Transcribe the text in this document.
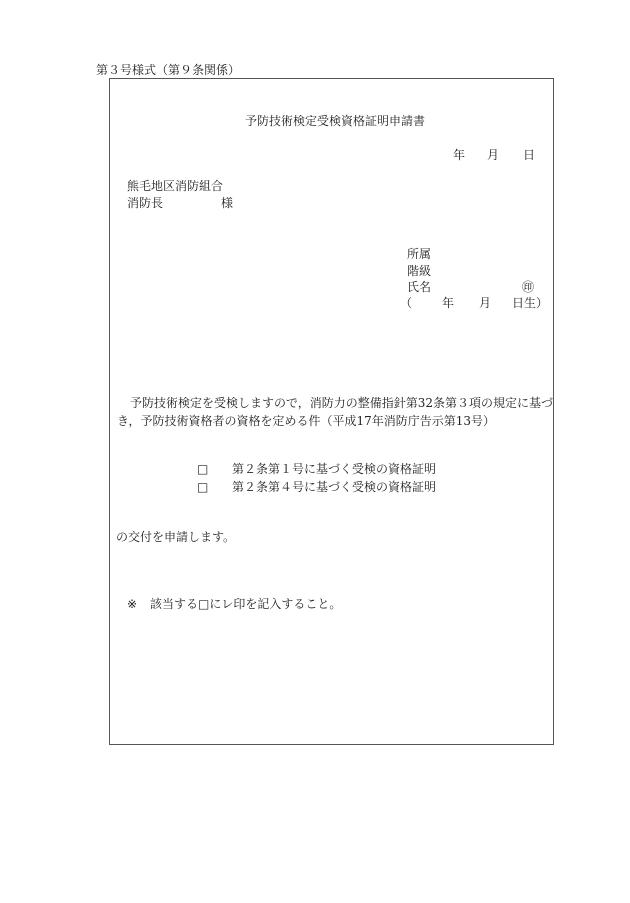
第３号様式（第９条関係）
予防技術検定受検資格証明申請書
年 月 日
熊毛地区消防組合
消防長	様
所属
階級
氏名	㊞
（ 年 月 日生）
予防技術検定を受検しますので，消防力の整備指針第32条第３項の規定に基づ
き，予防技術資格者の資格を定める件（平成17年消防庁告示第13号）
□ 第２条第１号に基づく受検の資格証明
□ 第２条第４号に基づく受検の資格証明
の交付を申請します。
※ 該当する□にレ印を記入すること。
